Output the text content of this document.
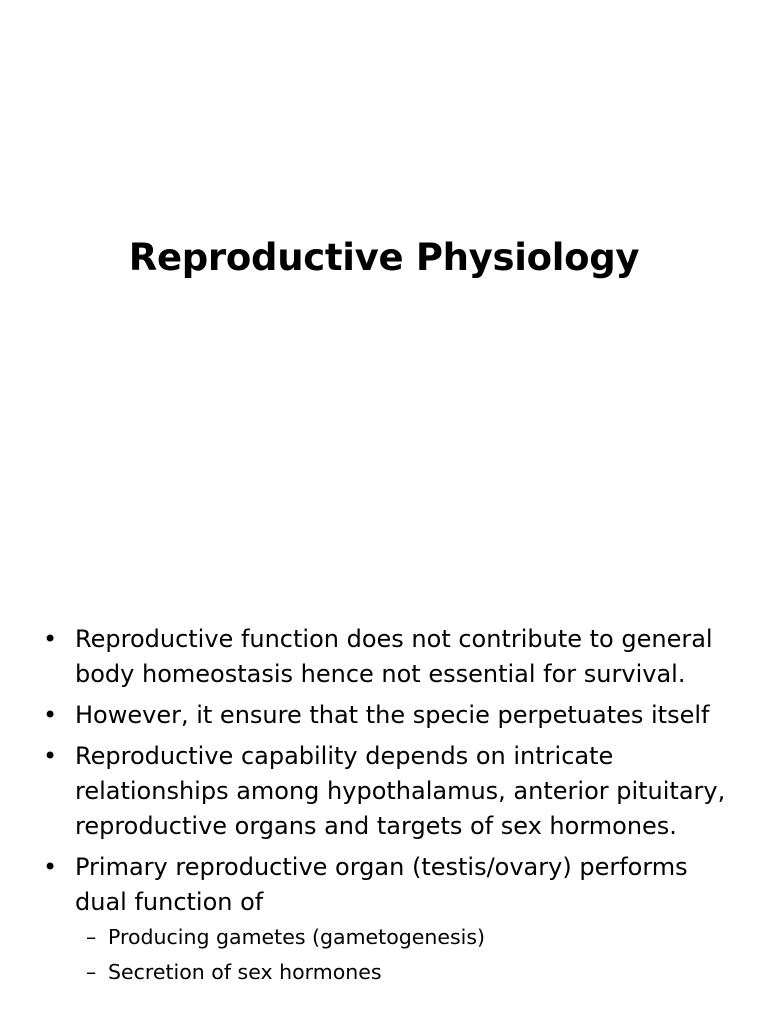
Reproductive Physiology
• Reproductive function does not contribute to general body homeostasis hence not essential for survival.
• However, it ensure that the specie perpetuates itself
• Reproductive capability depends on intricate relationships among hypothalamus, anterior pituitary, reproductive organs and targets of sex hormones.
• Primary reproductive organ (testis/ovary) performs dual function of
– Producing gametes (gametogenesis)
– Secretion of sex hormones
